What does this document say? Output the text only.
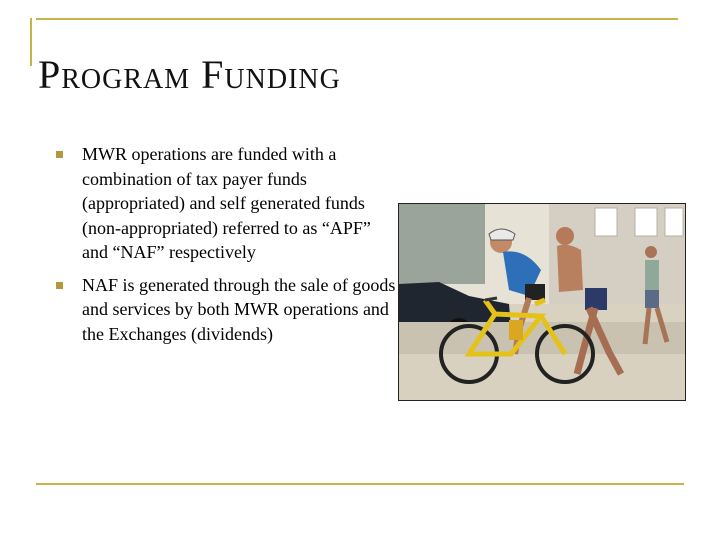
Program Funding
MWR operations are funded with a combination of tax payer funds (appropriated) and self generated funds (non-appropriated) referred to as “APF” and “NAF” respectively
NAF is generated through the sale of goods and services by both MWR operations and the Exchanges (dividends)
